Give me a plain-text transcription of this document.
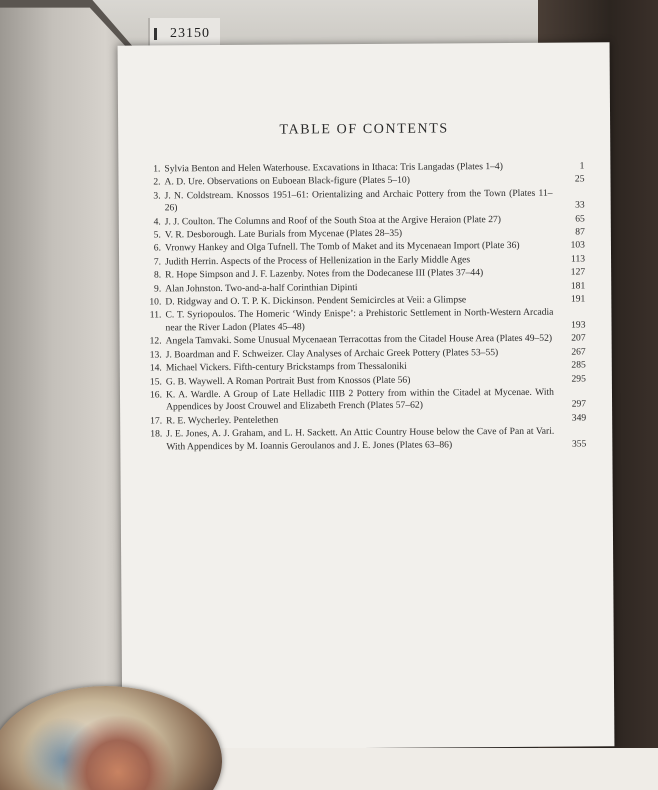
23150
TABLE OF CONTENTS
1. Sylvia Benton and Helen Waterhouse. Excavations in Ithaca: Tris Langadas (Plates 1–4)	1
2. A. D. Ure. Observations on Euboean Black-figure (Plates 5–10)	25
3. J. N. Coldstream. Knossos 1951–61: Orientalizing and Archaic Pottery from the Town (Plates 11–26)	33
4. J. J. Coulton. The Columns and Roof of the South Stoa at the Argive Heraion (Plate 27)	65
5. V. R. Desborough. Late Burials from Mycenae (Plates 28–35)	87
6. Vronwy Hankey and Olga Tufnell. The Tomb of Maket and its Mycenaean Import (Plate 36)	103
7. Judith Herrin. Aspects of the Process of Hellenization in the Early Middle Ages	113
8. R. Hope Simpson and J. F. Lazenby. Notes from the Dodecanese III (Plates 37–44)	127
9. Alan Johnston. Two-and-a-half Corinthian Dipinti	181
10. D. Ridgway and O. T. P. K. Dickinson. Pendent Semicircles at Veii: a Glimpse	191
11. C. T. Syriopoulos. The Homeric ‘Windy Enispe’: a Prehistoric Settlement in North-Western Arcadia near the River Ladon (Plates 45–48)	193
12. Angela Tamvaki. Some Unusual Mycenaean Terracottas from the Citadel House Area (Plates 49–52)	207
13. J. Boardman and F. Schweizer. Clay Analyses of Archaic Greek Pottery (Plates 53–55)	267
14. Michael Vickers. Fifth-century Brickstamps from Thessaloniki	285
15. G. B. Waywell. A Roman Portrait Bust from Knossos (Plate 56)	295
16. K. A. Wardle. A Group of Late Helladic IIIB 2 Pottery from within the Citadel at Mycenae. With Appendices by Joost Crouwel and Elizabeth French (Plates 57–62)	297
17. R. E. Wycherley. Pentelethen	349
18. J. E. Jones, A. J. Graham, and L. H. Sackett. An Attic Country House below the Cave of Pan at Vari. With Appendices by M. Ioannis Geroulanos and J. E. Jones (Plates 63–86)	355
